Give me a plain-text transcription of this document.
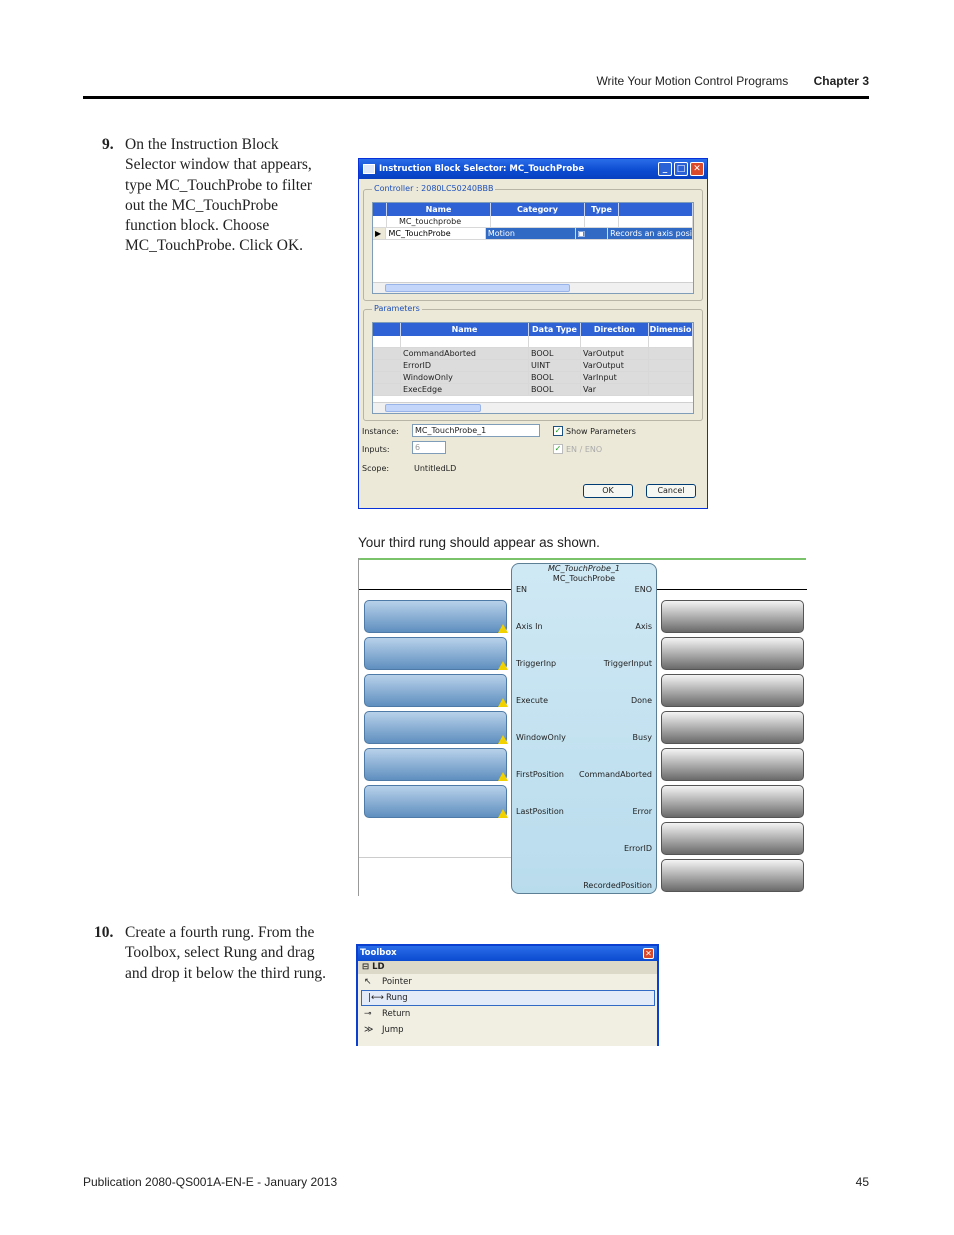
Write Your Motion Control Programs Chapter 3
9. On the Instruction Block
Selector window that appears,
type MC_TouchProbe to filter
out the MC_TouchProbe
function block. Choose
MC_TouchProbe. Click OK.
Instruction Block Selector: MC_TouchProbe	_	□ ✕
Controller : 2080LC50240BBB
Name	Category	Type
MC_touchprobe
▶ MC_TouchProbe	Motion	▣	Records an axis posi
Parameters
Name	Data Type	Direction	Dimensio
CommandAborted	BOOL	VarOutput
ErrorID	UINT	VarOutput
WindowOnly	BOOL	VarInput
ExecEdge	BOOL	Var
Instance:	MC_TouchProbe_1	✓ Show Parameters
Inputs:	6	✓ EN / ENO
Scope:	UntitledLD
OK	Cancel
Your third rung should appear as shown.
MC_TouchProbe_1
MC_TouchProbe
EN	ENO
Axis In
TriggerInp
Execute
WindowOnly
FirstPosition
LastPosition
Axis
TriggerInput
Done
Busy
CommandAborted
Error
ErrorID
RecordedPosition
10. Create a fourth rung. From the
Toolbox, select Rung and drag
and drop it below the third rung.
Toolbox	✕
⊟ LD
↖	Pointer
|⟷ Rung
⊸	Return
≫	Jump
Publication 2080-QS001A-EN-E - January 2013	45
